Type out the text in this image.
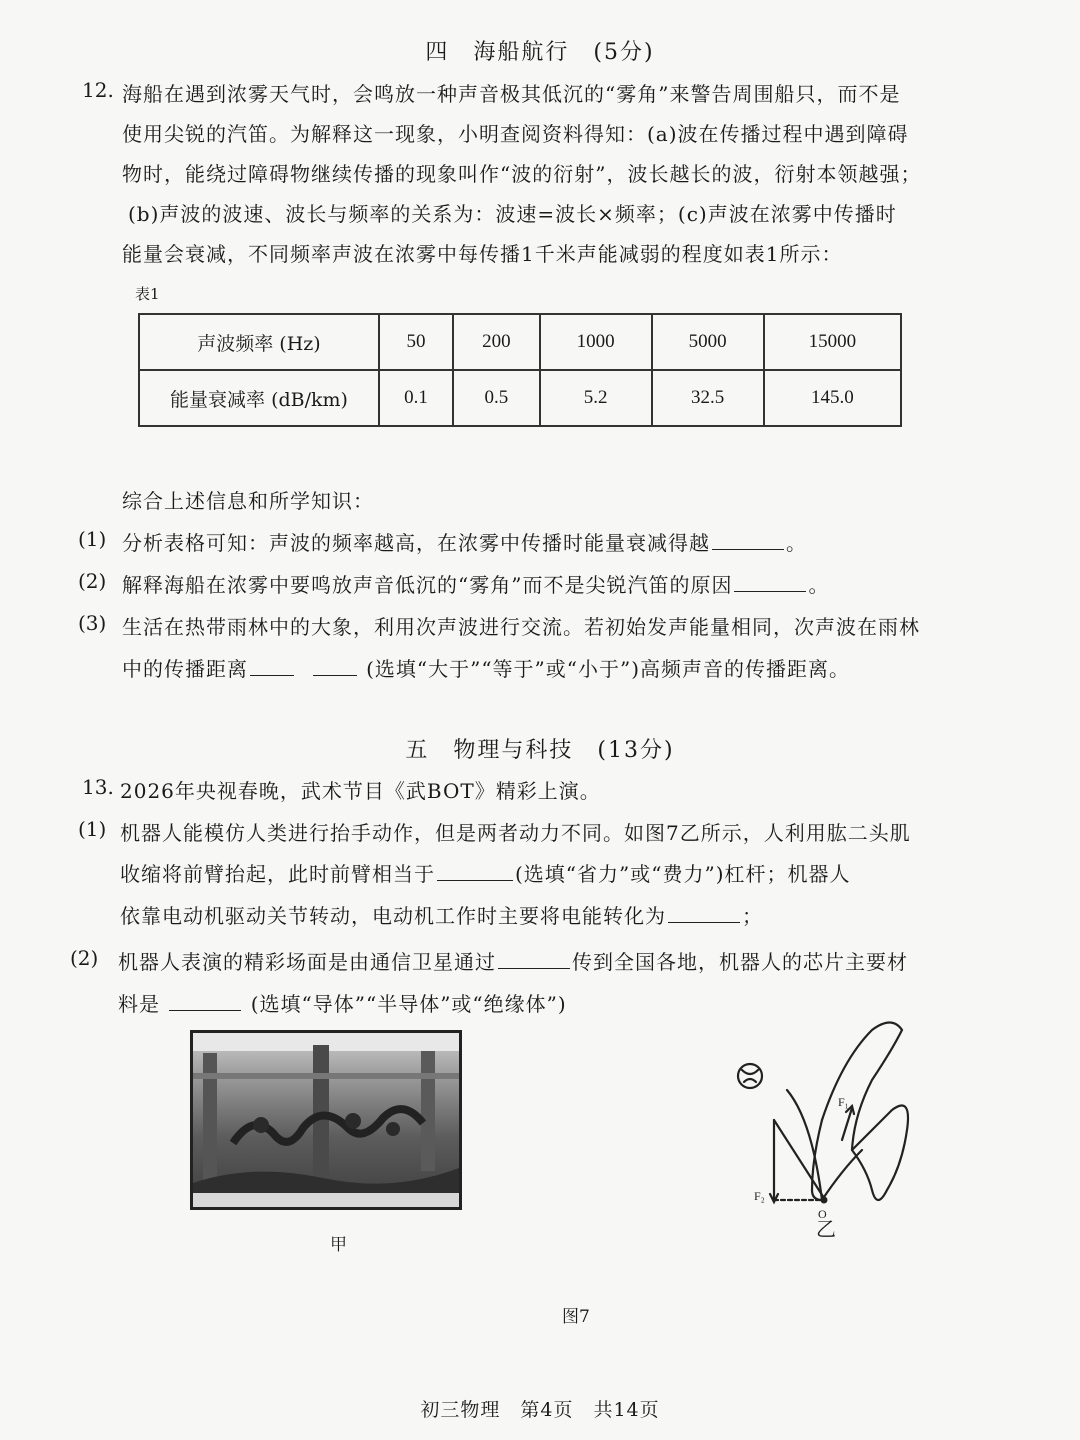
四　海船航行　(5分)
12. 海船在遇到浓雾天气时，会鸣放一种声音极其低沉的“雾角”来警告周围船只，而不是
使用尖锐的汽笛。为解释这一现象，小明查阅资料得知：(a)波在传播过程中遇到障碍
物时，能绕过障碍物继续传播的现象叫作“波的衍射”，波长越长的波，衍射本领越强；
(b)声波的波速、波长与频率的关系为：波速=波长×频率；(c)声波在浓雾中传播时
能量会衰减，不同频率声波在浓雾中每传播1千米声能减弱的程度如表1所示：
表1
声波频率 (Hz)	50	200	1000	5000	15000
能量衰减率 (dB/km)	0.1	0.5	5.2	32.5	145.0
综合上述信息和所学知识：
(1) 分析表格可知：声波的频率越高，在浓雾中传播时能量衰减得越	。
(2) 解释海船在浓雾中要鸣放声音低沉的“雾角”而不是尖锐汽笛的原因	。
(3) 生活在热带雨林中的大象，利用次声波进行交流。若初始发声能量相同，次声波在雨林
中的传播距离	(选填“大于”“等于”或“小于”)高频声音的传播距离。
五　物理与科技　(13分)
13. 2026年央视春晚，武术节目《武BOT》精彩上演。
(1) 机器人能模仿人类进行抬手动作，但是两者动力不同。如图7乙所示，人利用肱二头肌
收缩将前臂抬起，此时前臂相当于	(选填“省力”或“费力”)杠杆；机器人
依靠电动机驱动关节转动，电动机工作时主要将电能转化为	；
(2) 机器人表演的精彩场面是由通信卫星通过	传到全国各地，机器人的芯片主要材
料是	(选填“导体”“半导体”或“绝缘体”)
甲
F₁
F₂
O
乙
图7
初三物理　第4页　共14页
